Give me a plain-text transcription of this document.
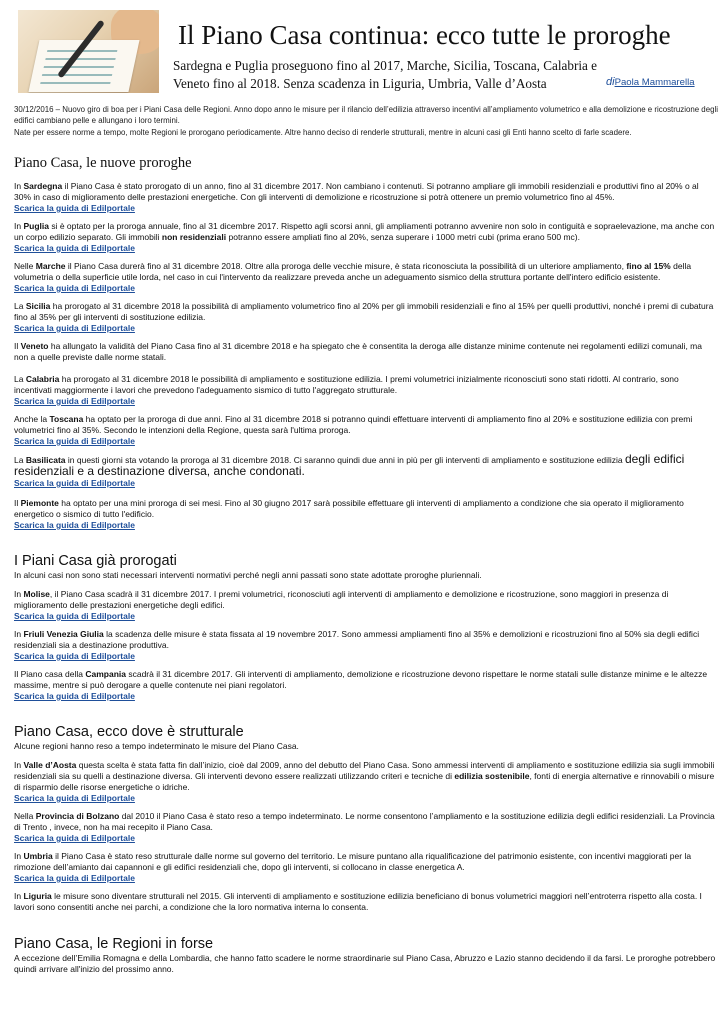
Il Piano Casa continua: ecco tutte le proroghe

Sardegna e Puglia proseguono fino al 2017, Marche, Sicilia, Toscana, Calabria e Veneto fino al 2018. Senza scadenza in Liguria, Umbria, Valle d’Aosta	diPaola Mammarella

30/12/2016 – Nuovo giro di boa per i Piani Casa delle Regioni. Anno dopo anno le misure per il rilancio dell’edilizia attraverso incentivi all’ampliamento volumetrico e alla demolizione e ricostruzione degli edifici cambiano pelle e allungano i loro termini.

Nate per essere norme a tempo, molte Regioni le prorogano periodicamente. Altre hanno deciso di renderle strutturali, mentre in alcuni casi gli Enti hanno scelto di farle scadere.

Piano Casa, le nuove proroghe
In Sardegna il Piano Casa è stato prorogato di un anno, fino al 31 dicembre 2017. Non cambiano i contenuti. Si potranno ampliare gli immobili residenziali e produttivi fino al 20% o al 30% in caso di miglioramento delle prestazioni energetiche. Con gli interventi di demolizione e ricostruzione si potrà ottenere un premio volumetrico fino al 45%.
Scarica la guida di Edilportale
In Puglia si è optato per la proroga annuale, fino al 31 dicembre 2017. Rispetto agli scorsi anni, gli ampliamenti potranno avvenire non solo in contiguità e sopraelevazione, ma anche con un corpo edilizio separato. Gli immobili non residenziali potranno essere ampliati fino al 20%, senza superare i 1000 metri cubi (prima erano 500 mc).
Scarica la guida di Edilportale
Nelle Marche il Piano Casa durerà fino al 31 dicembre 2018. Oltre alla proroga delle vecchie misure, è stata riconosciuta la possibilità di un ulteriore ampliamento, fino al 15% della volumetria o della superficie utile lorda, nel caso in cui l'intervento da realizzare preveda anche un adeguamento sismico della struttura portante dell'intero edificio esistente.
Scarica la guida di Edilportale
La Sicilia ha prorogato al 31 dicembre 2018 la possibilità di ampliamento volumetrico fino al 20% per gli immobili residenziali e fino al 15% per quelli produttivi, nonché i premi di cubatura fino al 35% per gli interventi di sostituzione edilizia.
Scarica la guida di Edilportale
Il Veneto ha allungato la validità del Piano Casa fino al 31 dicembre 2018 e ha spiegato che è consentita la deroga alle distanze minime contenute nei regolamenti edilizi comunali, ma non a quelle previste dalle norme statali.
La Calabria ha prorogato al 31 dicembre 2018 le possibilità di ampliamento e sostituzione edilizia. I premi volumetrici inizialmente riconosciuti sono stati ridotti. Al contrario, sono incentivati maggiormente i lavori che prevedono l'adeguamento sismico di tutto l'aggregato strutturale.
Scarica la guida di Edilportale
Anche la Toscana ha optato per la proroga di due anni. Fino al 31 dicembre 2018 si potranno quindi effettuare interventi di ampliamento fino al 20% e sostituzione edilizia con premi volumetrici fino al 35%. Secondo le intenzioni della Regione, questa sarà l'ultima proroga.
Scarica la guida di Edilportale
La Basilicata in questi giorni sta votando la proroga al 31 dicembre 2018. Ci saranno quindi due anni in più per gli interventi di ampliamento e sostituzione edilizia degli edifici residenziali e a destinazione diversa, anche condonati.
Scarica la guida di Edilportale
Il Piemonte ha optato per una mini proroga di sei mesi. Fino al 30 giugno 2017 sarà possibile effettuare gli interventi di ampliamento a condizione che sia operato il miglioramento energetico o sismico di tutto l'edificio.
Scarica la guida di Edilportale
I Piani Casa già prorogati

In alcuni casi non sono stati necessari interventi normativi perché negli anni passati sono state adottate proroghe pluriennali.

In Molise, il Piano Casa scadrà il 31 dicembre 2017. I premi volumetrici, riconosciuti agli interventi di ampliamento e demolizione e ricostruzione, sono maggiori in presenza di miglioramento delle prestazioni energetiche degli edifici.
Scarica la guida di Edilportale
In Friuli Venezia Giulia la scadenza delle misure è stata fissata al 19 novembre 2017. Sono ammessi ampliamenti fino al 35% e demolizioni e ricostruzioni fino al 50% sia degli edifici residenziali sia a destinazione produttiva.
Scarica la guida di Edilportale
Il Piano casa della Campania scadrà il 31 dicembre 2017. Gli interventi di ampliamento, demolizione e ricostruzione devono rispettare le norme statali sulle distanze minime e le altezze massime, mentre si può derogare a quelle contenute nei piani regolatori.
Scarica la guida di Edilportale
Piano Casa, ecco dove è strutturale

Alcune regioni hanno reso a tempo indeterminato le misure del Piano Casa.

In Valle d’Aosta questa scelta è stata fatta fin dall’inizio, cioè dal 2009, anno del debutto del Piano Casa. Sono ammessi interventi di ampliamento e sostituzione edilizia sia sugli immobili residenziali sia su quelli a destinazione diversa. Gli interventi devono essere realizzati utilizzando criteri e tecniche di edilizia sostenibile, fonti di energia alternative e rinnovabili o misure di risparmio delle risorse energetiche o idriche.
Scarica la guida di Edilportale
Nella Provincia di Bolzano dal 2010 il Piano Casa è stato reso a tempo indeterminato. Le norme consentono l’ampliamento e la sostituzione edilizia degli edifici residenziali. La Provincia di Trento , invece, non ha mai recepito il Piano Casa.
Scarica la guida di Edilportale
In Umbria il Piano Casa è stato reso strutturale dalle norme sul governo del territorio. Le misure puntano alla riqualificazione del patrimonio esistente, con incentivi maggiorati per la rimozione dell’amianto dai capannoni e gli edifici residenziali che, dopo gli interventi, si collocano in classe energetica A.
Scarica la guida di Edilportale
In Liguria le misure sono diventare strutturali nel 2015. Gli interventi di ampliamento e sostituzione edilizia beneficiano di bonus volumetrici maggiori nell’entroterra rispetto alla costa. I lavori sono consentiti anche nei parchi, a condizione che la loro normativa interna lo consenta.
Piano Casa, le Regioni in forse

A eccezione dell’Emilia Romagna e della Lombardia, che hanno fatto scadere le norme straordinarie sul Piano Casa, Abruzzo e Lazio stanno decidendo il da farsi. Le proroghe potrebbero quindi arrivare all'inizio del prossimo anno.
